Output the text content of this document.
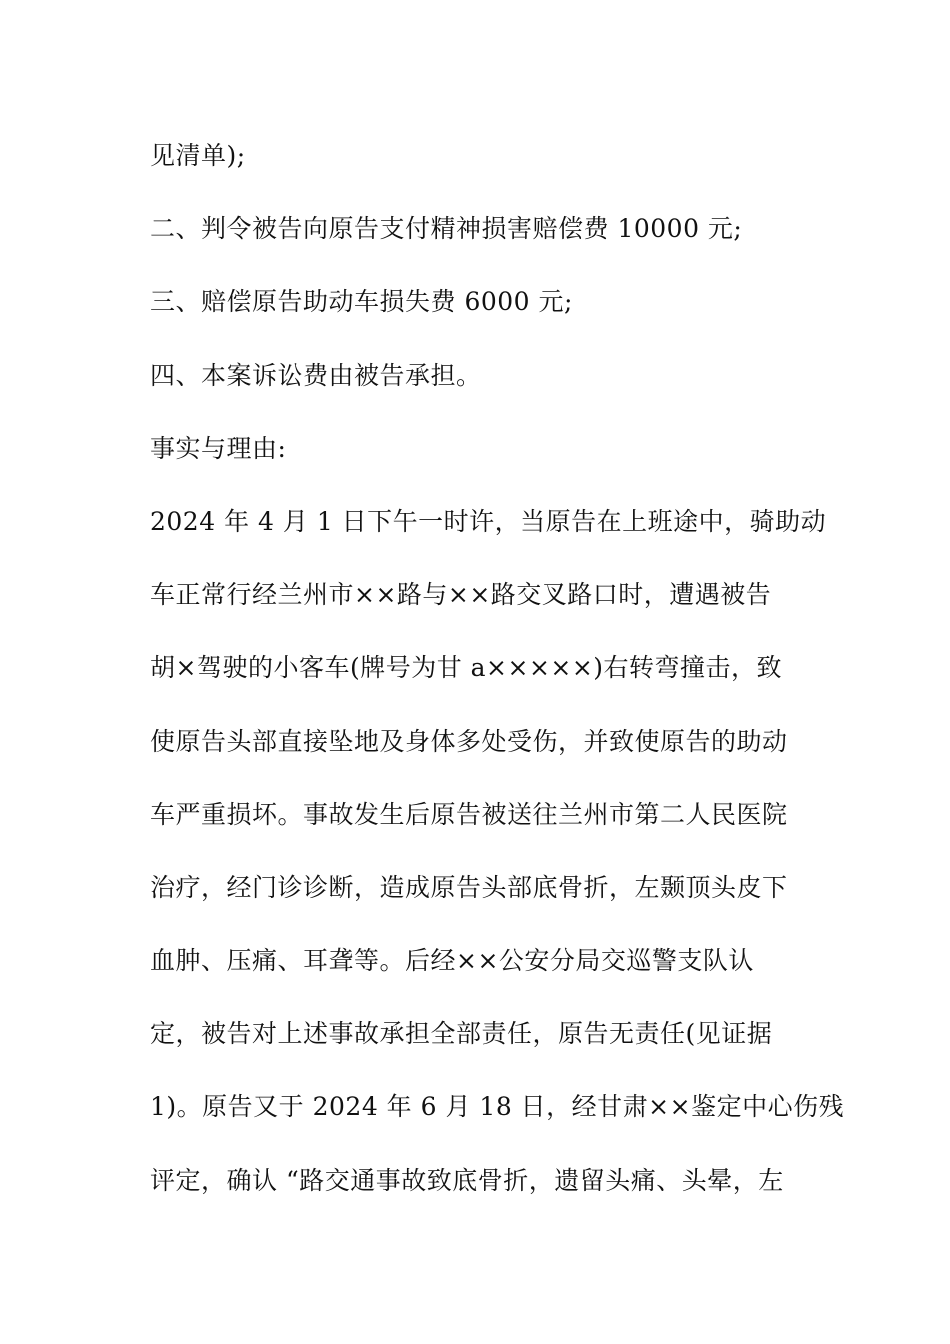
见清单);
二、判令被告向原告支付精神损害赔偿费 10000 元;
三、赔偿原告助动车损失费 6000 元;
四、本案诉讼费由被告承担。
事实与理由:
2024 年 4 月 1 日下午一时许，当原告在上班途中，骑助动
车正常行经兰州市××路与××路交叉路口时，遭遇被告
胡×驾驶的小客车(牌号为甘 a×××××)右转弯撞击，致
使原告头部直接坠地及身体多处受伤，并致使原告的助动
车严重损坏。事故发生后原告被送往兰州市第二人民医院
治疗，经门诊诊断，造成原告头部底骨折，左颞顶头皮下
血肿、压痛、耳聋等。后经××公安分局交巡警支队认
定，被告对上述事故承担全部责任，原告无责任(见证据
1)。原告又于 2024 年 6 月 18 日，经甘肃××鉴定中心伤残
评定，确认 “路交通事故致底骨折，遗留头痛、头晕，左
